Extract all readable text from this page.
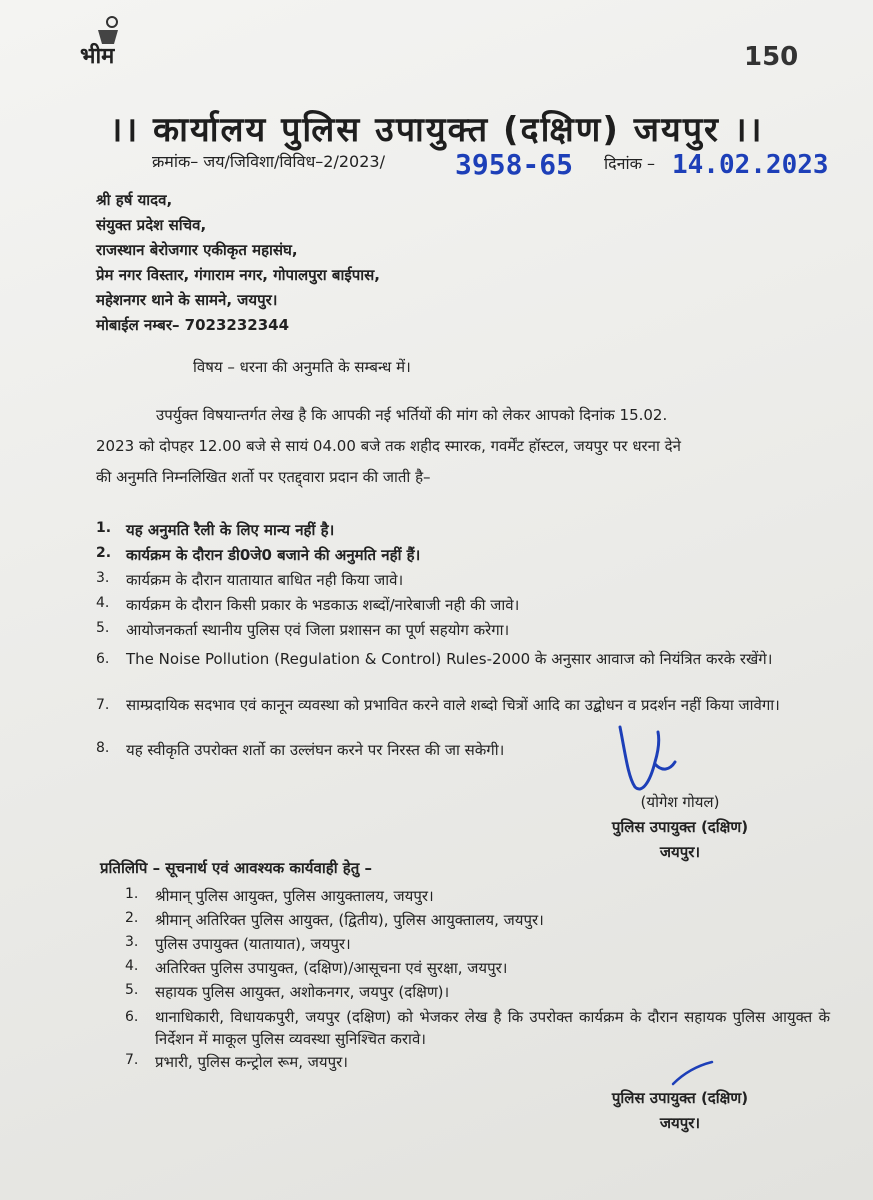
भीम	150
।। कार्यालय पुलिस उपायुक्त (दक्षिण) जयपुर ।।
क्रमांक– जय/जिविशा/विविध–2/2023/	3958-65 दिनांक – 14.02.2023
श्री हर्ष यादव,
संयुक्त प्रदेश सचिव,
राजस्थान बेरोजगार एकीकृत महासंघ,
प्रेम नगर विस्तार, गंगाराम नगर, गोपालपुरा बाईपास,
महेशनगर थाने के सामने, जयपुर।
मोबाईल नम्बर– 7023232344
विषय – धरना की अनुमति के सम्बन्ध में।
उपर्युक्त विषयान्तर्गत लेख है कि आपकी नई भर्तियों की मांग को लेकर आपको दिनांक 15.02.
2023 को दोपहर 12.00 बजे से सायं 04.00 बजे तक शहीद स्मारक, गवर्मेंट हॉस्टल, जयपुर पर धरना देने
की अनुमति निम्नलिखित शर्तो पर एतद्द्वारा प्रदान की जाती है–
1. यह अनुमति रैली के लिए मान्य नहीं है।
2. कार्यक्रम के दौरान डी0जे0 बजाने की अनुमति नहीं हैं।
3. कार्यक्रम के दौरान यातायात बाधित नही किया जावे।
4. कार्यक्रम के दौरान किसी प्रकार के भडकाऊ शब्दों/नारेबाजी नही की जावे।
5. आयोजनकर्ता स्थानीय पुलिस एवं जिला प्रशासन का पूर्ण सहयोग करेगा।
6. The Noise Pollution (Regulation & Control) Rules-2000 के अनुसार आवाज को नियंत्रित करके रखेंगे।
7. साम्प्रदायिक सदभाव एवं कानून व्यवस्था को प्रभावित करने वाले शब्दो चित्रों आदि का उद्बोधन व प्रदर्शन नहीं किया जावेगा।
8. यह स्वीकृति उपरोक्त शर्तो का उल्लंघन करने पर निरस्त की जा सकेगी।
(योगेश गोयल)
पुलिस उपायुक्त (दक्षिण)
जयपुर।
प्रतिलिपि – सूचनार्थ एवं आवश्यक कार्यवाही हेतु –
1. श्रीमान् पुलिस आयुक्त, पुलिस आयुक्तालय, जयपुर।
2. श्रीमान् अतिरिक्त पुलिस आयुक्त, (द्वितीय), पुलिस आयुक्तालय, जयपुर।
3. पुलिस उपायुक्त (यातायात), जयपुर।
4. अतिरिक्त पुलिस उपायुक्त, (दक्षिण)/आसूचना एवं सुरक्षा, जयपुर।
5. सहायक पुलिस आयुक्त, अशोकनगर, जयपुर (दक्षिण)।
6. थानाधिकारी, विधायकपुरी, जयपुर (दक्षिण) को भेजकर लेख है कि उपरोक्त कार्यक्रम के दौरान सहायक पुलिस आयुक्त के निर्देशन में माकूल पुलिस व्यवस्था सुनिश्चित करावे।
7. प्रभारी, पुलिस कन्ट्रोल रूम, जयपुर।
पुलिस उपायुक्त (दक्षिण)
जयपुर।
